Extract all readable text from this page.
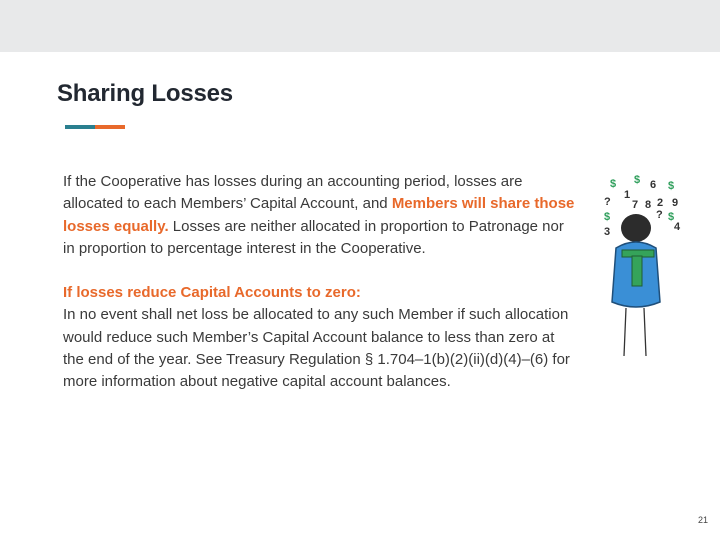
Sharing Losses

If the Cooperative has losses during an accounting period, losses are allocated to each Members’ Capital Account, and Members will share those losses equally. Losses are neither allocated in proportion to Patronage nor in proportion to percentage interest in the Cooperative.

If losses reduce Capital Accounts to zero:

In no event shall net loss be allocated to any such Member if such allocation would reduce such Member’s Capital Account balance to less than zero at the end of the year. See Treasury Regulation § 1.704–1(b)(2)(ii)(d)(4)–(6) for more information about negative capital account balances.

$ $ 6 $
1
? 7 8 2 9
$	? $
4
3
21
